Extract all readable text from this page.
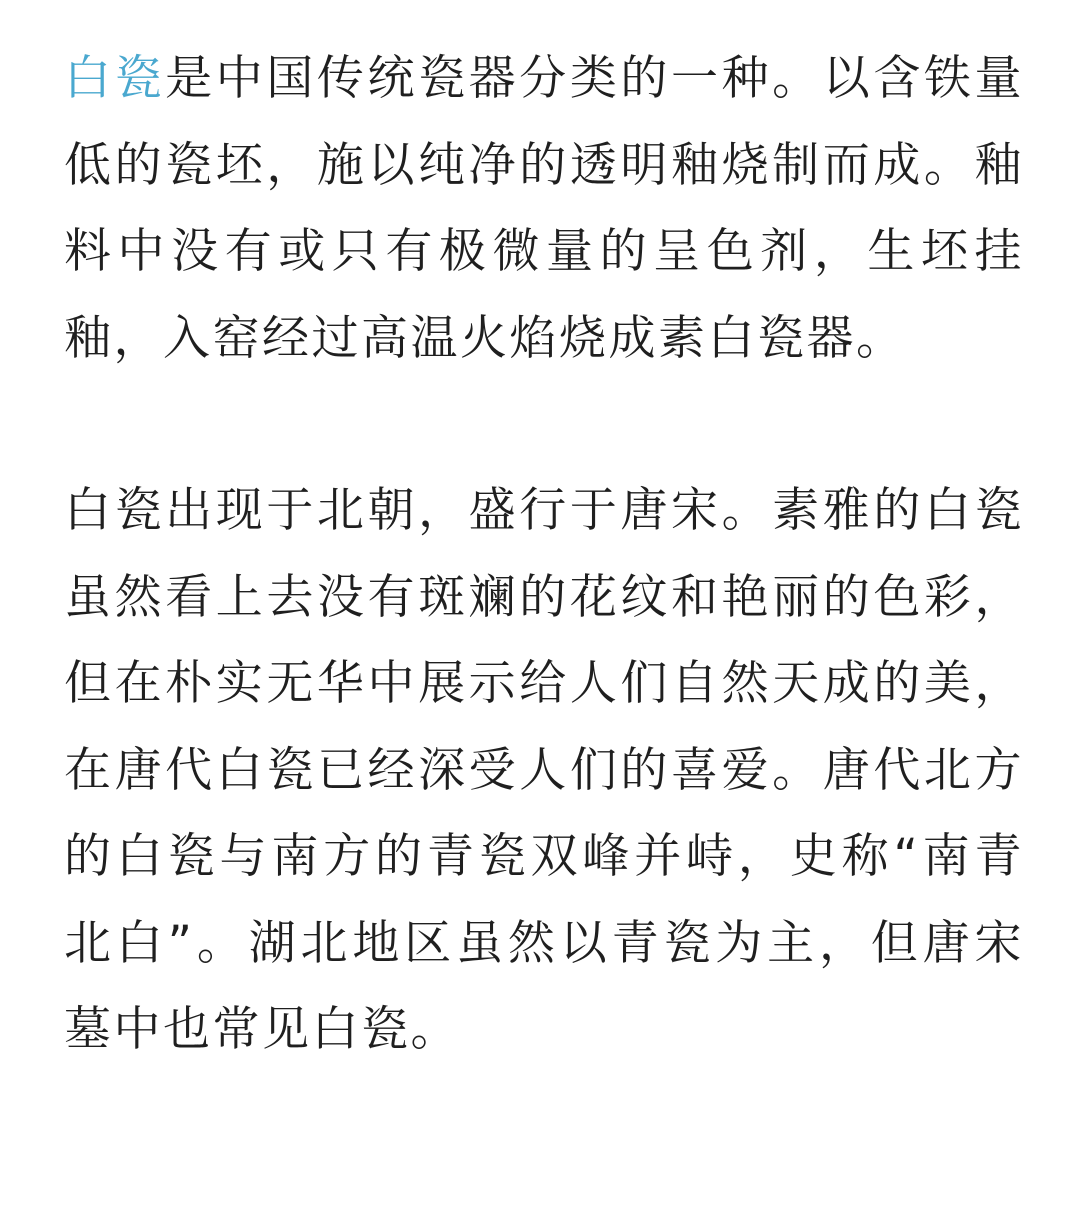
白瓷是中国传统瓷器分类的一种。以含铁量低的瓷坯，施以纯净的透明釉烧制而成。釉料中没有或只有极微量的呈色剂，生坯挂釉，入窑经过高温火焰烧成素白瓷器。

白瓷出现于北朝，盛行于唐宋。素雅的白瓷虽然看上去没有斑斓的花纹和艳丽的色彩，但在朴实无华中展示给人们自然天成的美，在唐代白瓷已经深受人们的喜爱。唐代北方的白瓷与南方的青瓷双峰并峙，史称“南青北白”。湖北地区虽然以青瓷为主，但唐宋墓中也常见白瓷。
